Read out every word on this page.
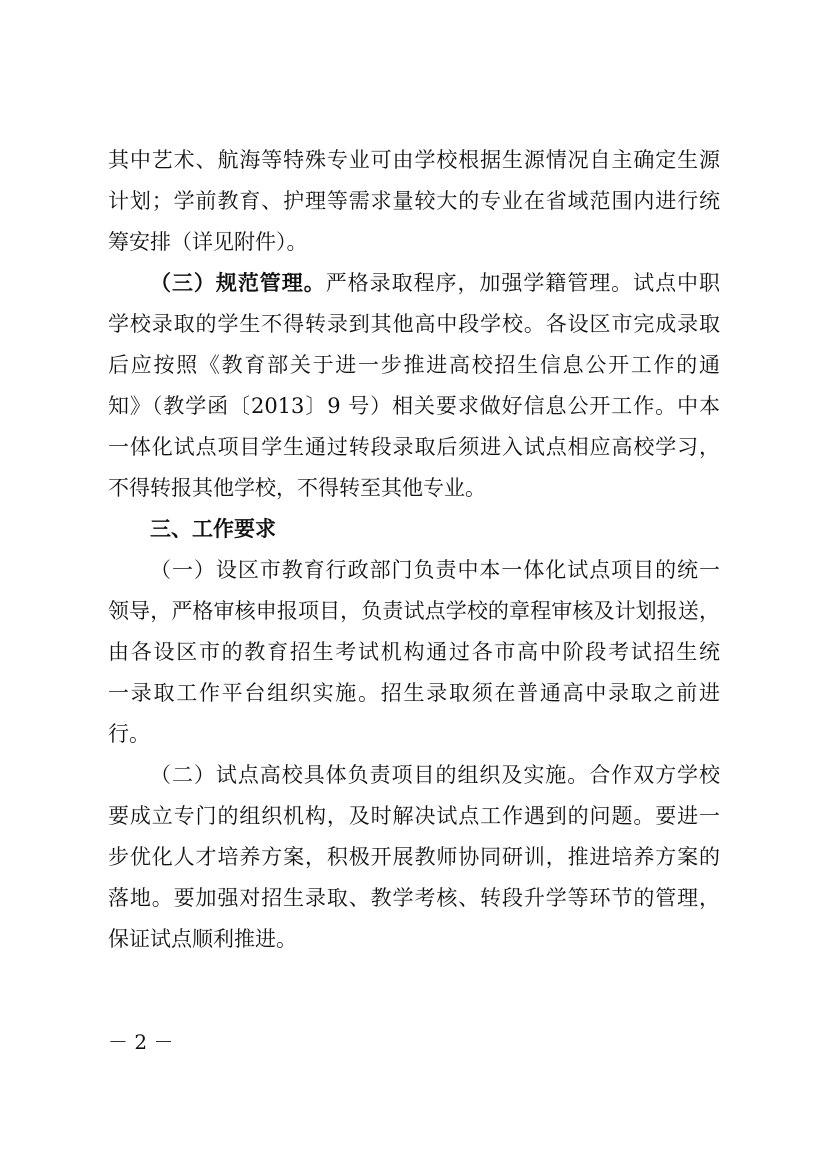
其中艺术、航海等特殊专业可由学校根据生源情况自主确定生源
计划；学前教育、护理等需求量较大的专业在省域范围内进行统
筹安排（详见附件）。
（三）规范管理。严格录取程序，加强学籍管理。试点中职
学校录取的学生不得转录到其他高中段学校。各设区市完成录取
后应按照《教育部关于进一步推进高校招生信息公开工作的通
知》（教学函〔2013〕9 号）相关要求做好信息公开工作。中本
一体化试点项目学生通过转段录取后须进入试点相应高校学习，
不得转报其他学校，不得转至其他专业。
三、工作要求
（一）设区市教育行政部门负责中本一体化试点项目的统一
领导，严格审核申报项目，负责试点学校的章程审核及计划报送，
由各设区市的教育招生考试机构通过各市高中阶段考试招生统
一录取工作平台组织实施。招生录取须在普通高中录取之前进
行。
（二）试点高校具体负责项目的组织及实施。合作双方学校
要成立专门的组织机构，及时解决试点工作遇到的问题。要进一
步优化人才培养方案，积极开展教师协同研训，推进培养方案的
落地。要加强对招生录取、教学考核、转段升学等环节的管理，
保证试点顺利推进。
－ 2 －
